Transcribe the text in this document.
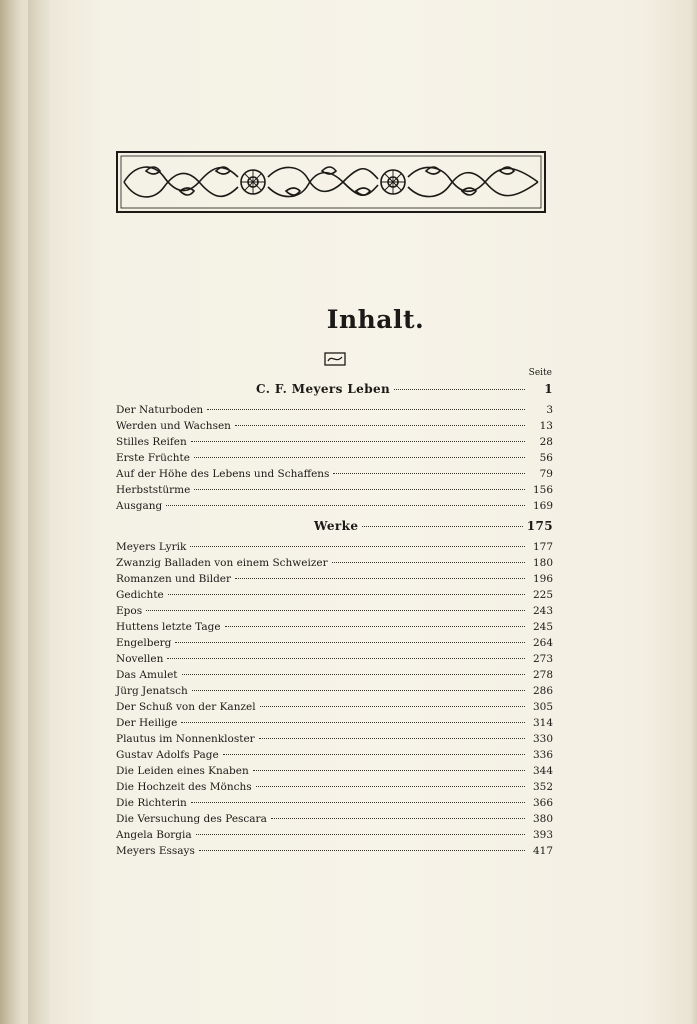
Inhalt.
Seite
C. F. Meyers Leben	1
Der Naturboden	3
Werden und Wachsen	13
Stilles Reifen	28
Erste Früchte	56
Auf der Höhe des Lebens und Schaffens	79
Herbststürme	156
Ausgang	169
Werke	175
Meyers Lyrik	177
Zwanzig Balladen von einem Schweizer	180
Romanzen und Bilder	196
Gedichte	225
Epos	243
Huttens letzte Tage	245
Engelberg	264
Novellen	273
Das Amulet	278
Jürg Jenatsch	286
Der Schuß von der Kanzel	305
Der Heilige	314
Plautus im Nonnenkloster	330
Gustav Adolfs Page	336
Die Leiden eines Knaben	344
Die Hochzeit des Mönchs	352
Die Richterin	366
Die Versuchung des Pescara	380
Angela Borgia	393
Meyers Essays	417
